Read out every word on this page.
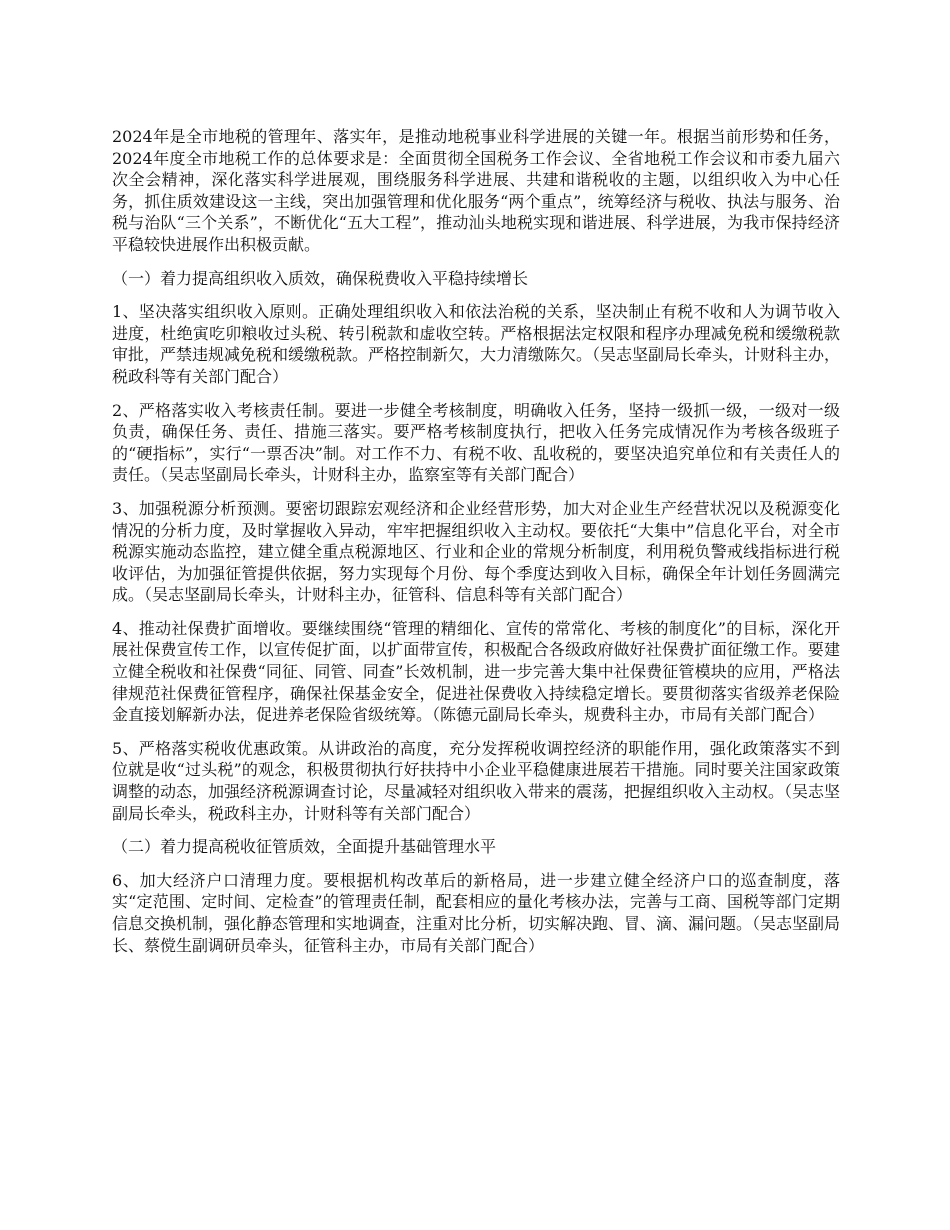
2024年是全市地税的管理年、落实年，是推动地税事业科学进展的关键一年。根据当前形势和任务，2024年度全市地税工作的总体要求是：全面贯彻全国税务工作会议、全省地税工作会议和市委九届六次全会精神，深化落实科学进展观，围绕服务科学进展、共建和谐税收的主题，以组织收入为中心任务，抓住质效建设这一主线，突出加强管理和优化服务“两个重点”，统筹经济与税收、执法与服务、治税与治队“三个关系”，不断优化“五大工程”，推动汕头地税实现和谐进展、科学进展，为我市保持经济平稳较快进展作出积极贡献。

（一）着力提高组织收入质效，确保税费收入平稳持续增长

1、坚决落实组织收入原则。正确处理组织收入和依法治税的关系，坚决制止有税不收和人为调节收入进度，杜绝寅吃卯粮收过头税、转引税款和虚收空转。严格根据法定权限和程序办理减免税和缓缴税款审批，严禁违规减免税和缓缴税款。严格控制新欠，大力清缴陈欠。（吴志坚副局长牵头，计财科主办，税政科等有关部门配合）

2、严格落实收入考核责任制。要进一步健全考核制度，明确收入任务，坚持一级抓一级，一级对一级负责，确保任务、责任、措施三落实。要严格考核制度执行，把收入任务完成情况作为考核各级班子的“硬指标”，实行“一票否决”制。对工作不力、有税不收、乱收税的，要坚决追究单位和有关责任人的责任。（吴志坚副局长牵头，计财科主办，监察室等有关部门配合）

3、加强税源分析预测。要密切跟踪宏观经济和企业经营形势，加大对企业生产经营状况以及税源变化情况的分析力度，及时掌握收入异动，牢牢把握组织收入主动权。要依托“大集中”信息化平台，对全市税源实施动态监控，建立健全重点税源地区、行业和企业的常规分析制度，利用税负警戒线指标进行税收评估，为加强征管提供依据，努力实现每个月份、每个季度达到收入目标，确保全年计划任务圆满完成。（吴志坚副局长牵头，计财科主办，征管科、信息科等有关部门配合）

4、推动社保费扩面增收。要继续围绕“管理的精细化、宣传的常常化、考核的制度化”的目标，深化开展社保费宣传工作，以宣传促扩面，以扩面带宣传，积极配合各级政府做好社保费扩面征缴工作。要建立健全税收和社保费“同征、同管、同查”长效机制，进一步完善大集中社保费征管模块的应用，严格法律规范社保费征管程序，确保社保基金安全，促进社保费收入持续稳定增长。要贯彻落实省级养老保险金直接划解新办法，促进养老保险省级统筹。（陈德元副局长牵头，规费科主办，市局有关部门配合）

5、严格落实税收优惠政策。从讲政治的高度，充分发挥税收调控经济的职能作用，强化政策落实不到位就是收“过头税”的观念，积极贯彻执行好扶持中小企业平稳健康进展若干措施。同时要关注国家政策调整的动态，加强经济税源调查讨论，尽量减轻对组织收入带来的震荡，把握组织收入主动权。（吴志坚副局长牵头，税政科主办，计财科等有关部门配合）

（二）着力提高税收征管质效，全面提升基础管理水平

6、加大经济户口清理力度。要根据机构改革后的新格局，进一步建立健全经济户口的巡查制度，落实“定范围、定时间、定检查”的管理责任制，配套相应的量化考核办法，完善与工商、国税等部门定期信息交换机制，强化静态管理和实地调查，注重对比分析，切实解决跑、冒、滴、漏问题。（吴志坚副局长、蔡傥生副调研员牵头，征管科主办，市局有关部门配合）
